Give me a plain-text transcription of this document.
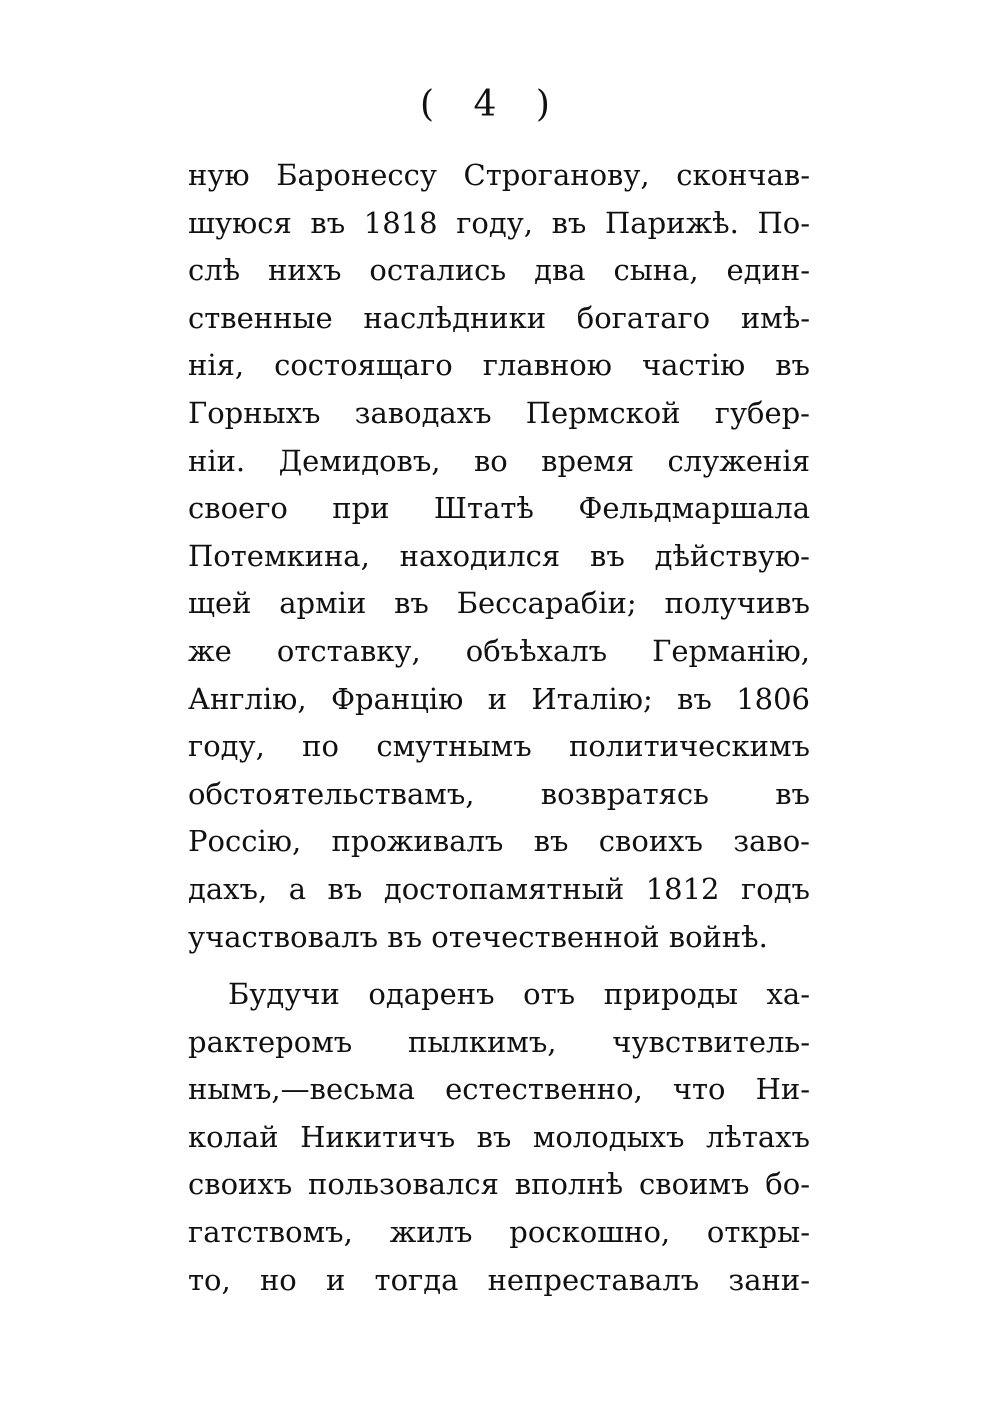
( 4 )
ную Баронессу Строганову, скончав-
шуюся въ 1818 году, въ Парижѣ. По-
слѣ нихъ остались два сына, един-
ственные наслѣдники богатаго имѣ-
нія, состоящаго главною частію въ
Горныхъ заводахъ Пермской губер-
ніи. Демидовъ, во время служенія
своего при Штатѣ Фельдмаршала
Потемкина, находился въ дѣйствую-
щей арміи въ Бессарабіи; получивъ
же отставку, объѣхалъ Германію,
Англію, Францію и Италію; въ 1806
году, по смутнымъ политическимъ
обстоятельствамъ, возвратясь въ
Россію, проживалъ въ своихъ заво-
дахъ, а въ достопамятный 1812 годъ
участвовалъ въ отечественной войнѣ.
Будучи одаренъ отъ природы ха-
рактеромъ пылкимъ, чувствитель-
нымъ,—весьма естественно, что Ни-
колай Никитичъ въ молодыхъ лѣтахъ
своихъ пользовался вполнѣ своимъ бо-
гатствомъ, жилъ роскошно, откры-
то, но и тогда непреставалъ зани-
